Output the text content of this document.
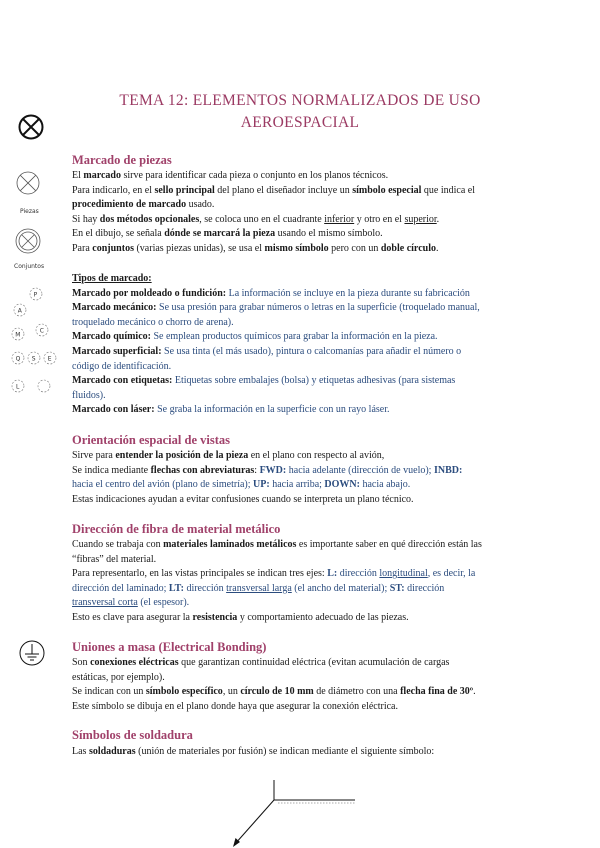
TEMA 12: ELEMENTOS NORMALIZADOS DE USO
AEROESPACIAL
Piezas
Conjuntos
P
A
C
M
Q S E
L
Marcado de piezas
El marcado sirve para identificar cada pieza o conjunto en los planos técnicos.
Para indicarlo, en el sello principal del plano el diseñador incluye un símbolo especial que indica el
procedimiento de marcado usado.
Si hay dos métodos opcionales, se coloca uno en el cuadrante inferior y otro en el superior.
En el dibujo, se señala dónde se marcará la pieza usando el mismo símbolo.
Para conjuntos (varias piezas unidas), se usa el mismo símbolo pero con un doble círculo.
Tipos de marcado:
Marcado por moldeado o fundición: La información se incluye en la pieza durante su fabricación
Marcado mecánico: Se usa presión para grabar números o letras en la superficie (troquelado manual,
troquelado mecánico o chorro de arena).
Marcado químico: Se emplean productos químicos para grabar la información en la pieza.
Marcado superficial: Se usa tinta (el más usado), pintura o calcomanías para añadir el número o
código de identificación.
Marcado con etiquetas: Etiquetas sobre embalajes (bolsa) y etiquetas adhesivas (para sistemas
fluidos).
Marcado con láser: Se graba la información en la superficie con un rayo láser.
Orientación espacial de vistas
Sirve para entender la posición de la pieza en el plano con respecto al avión,
Se indica mediante flechas con abreviaturas: FWD: hacia adelante (dirección de vuelo); INBD:
hacia el centro del avión (plano de simetría); UP: hacia arriba; DOWN: hacia abajo.
Estas indicaciones ayudan a evitar confusiones cuando se interpreta un plano técnico.
Dirección de fibra de material metálico
Cuando se trabaja con materiales laminados metálicos es importante saber en qué dirección están las
“fibras” del material.
Para representarlo, en las vistas principales se indican tres ejes: L: dirección longitudinal, es decir, la
dirección del laminado; LT: dirección transversal larga (el ancho del material); ST: dirección
transversal corta (el espesor).
Esto es clave para asegurar la resistencia y comportamiento adecuado de las piezas.
Uniones a masa (Electrical Bonding)
Son conexiones eléctricas que garantizan continuidad eléctrica (evitan acumulación de cargas
estáticas, por ejemplo).
Se indican con un símbolo específico, un círculo de 10 mm de diámetro con una flecha fina de 30º.
Este símbolo se dibuja en el plano donde haya que asegurar la conexión eléctrica.
Símbolos de soldadura
Las soldaduras (unión de materiales por fusión) se indican mediante el siguiente símbolo:
